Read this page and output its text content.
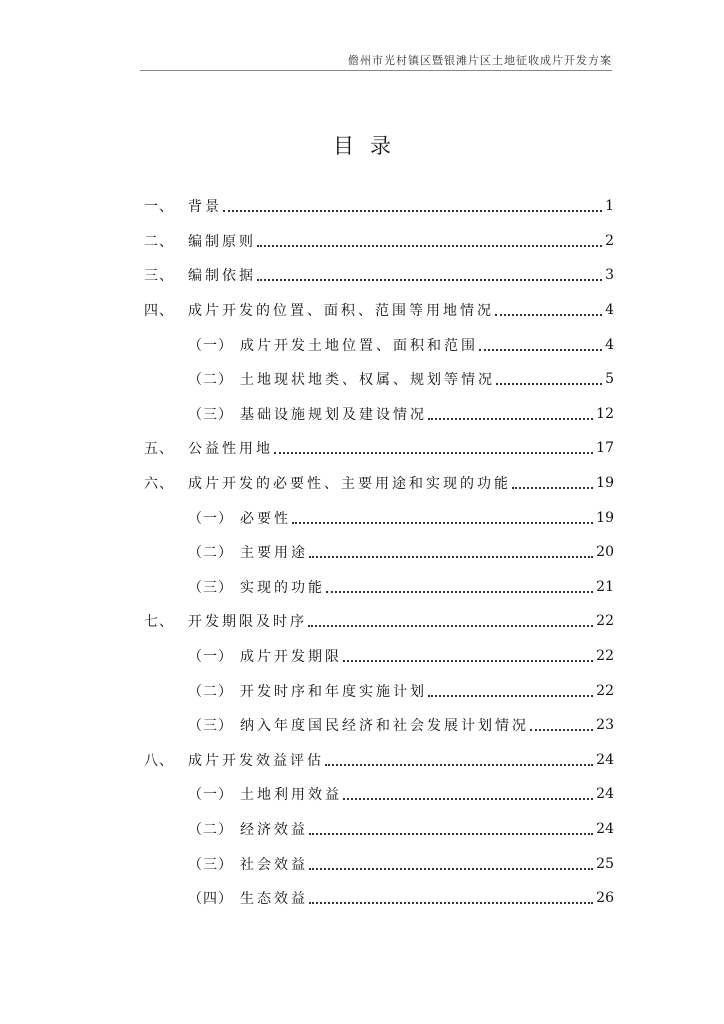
儋州市光村镇区暨银滩片区土地征收成片开发方案
目录
一、	背景	1
二、	编制原则	2
三、	编制依据	3
四、	成片开发的位置、面积、范围等用地情况	4
（一） 成片开发土地位置、面积和范围	4
（二） 土地现状地类、权属、规划等情况	5
（三） 基础设施规划及建设情况	12
五、	公益性用地	17
六、	成片开发的必要性、主要用途和实现的功能	19
（一） 必要性	19
（二） 主要用途	20
（三） 实现的功能	21
七、	开发期限及时序	22
（一） 成片开发期限	22
（二） 开发时序和年度实施计划	22
（三） 纳入年度国民经济和社会发展计划情况	23
八、	成片开发效益评估	24
（一） 土地利用效益	24
（二） 经济效益	24
（三） 社会效益	25
（四） 生态效益	26
